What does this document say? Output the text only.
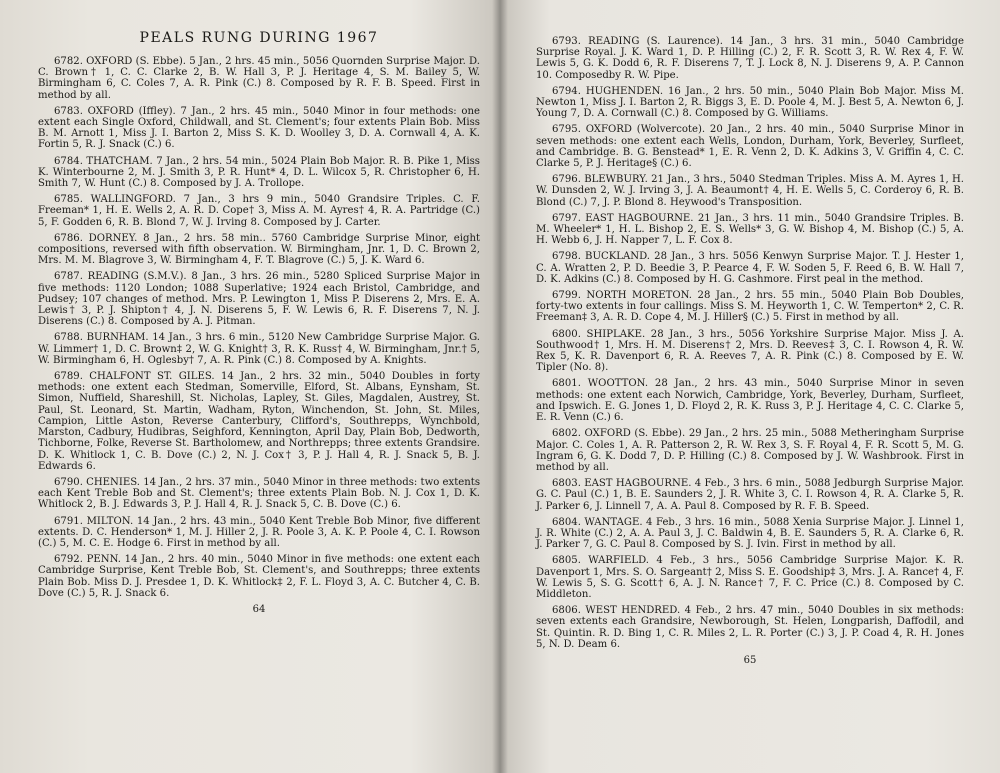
PEALS RUNG DURING 1967

6782. OXFORD (S. Ebbe). 5 Jan., 2 hrs. 45 min., 5056 Quornden Surprise Major. D. C. Brown† 1, C. C. Clarke 2, B. W. Hall 3, P. J. Heritage 4, S. M. Bailey 5, W. Birmingham 6, C. Coles 7, A. R. Pink (C.) 8. Composed by R. F. B. Speed. First in method by all.

6783. OXFORD (Iffley). 7 Jan., 2 hrs. 45 min., 5040 Minor in four methods: one extent each Single Oxford, Childwall, and St. Clement's; four extents Plain Bob. Miss B. M. Arnott 1, Miss J. I. Barton 2, Miss S. K. D. Woolley 3, D. A. Cornwall 4, A. K. Fortin 5, R. J. Snack (C.) 6.

6784. THATCHAM. 7 Jan., 2 hrs. 54 min., 5024 Plain Bob Major. R. B. Pike 1, Miss K. Winterbourne 2, M. J. Smith 3, P. R. Hunt* 4, D. L. Wilcox 5, R. Christopher 6, H. Smith 7, W. Hunt (C.) 8. Composed by J. A. Trollope.

6785. WALLINGFORD. 7 Jan., 3 hrs 9 min., 5040 Grandsire Triples. C. F. Freeman* 1, H. E. Wells 2, A. R. D. Cope† 3, Miss A. M. Ayres† 4, R. A. Partridge (C.) 5, F. Godden 6, R. B. Blond 7, W. J. Irving 8. Composed by J. Carter.

6786. DORNEY. 8 Jan., 2 hrs. 58 min.. 5760 Cambridge Surprise Minor, eight compositions, reversed with fifth observation. W. Birmingham, Jnr. 1, D. C. Brown 2, Mrs. M. M. Blagrove 3, W. Birmingham 4, F. T. Blagrove (C.) 5, J. K. Ward 6.

6787. READING (S.M.V.). 8 Jan., 3 hrs. 26 min., 5280 Spliced Surprise Major in five methods: 1120 London; 1088 Superlative; 1924 each Bristol, Cambridge, and Pudsey; 107 changes of method. Mrs. P. Lewington 1, Miss P. Diserens 2, Mrs. E. A. Lewis† 3, P. J. Shipton† 4, J. N. Diserens 5, F. W. Lewis 6, R. F. Diserens 7, N. J. Diserens (C.) 8. Composed by A. J. Pitman.

6788. BURNHAM. 14 Jan., 3 hrs. 6 min., 5120 New Cambridge Surprise Major. G. W. Limmer† 1, D. C. Brown‡ 2, W. G. Knight† 3, R. K. Russ† 4, W. Birmingham, Jnr.† 5, W. Birmingham 6, H. Oglesby† 7, A. R. Pink (C.) 8. Composed by A. Knights.

6789. CHALFONT ST. GILES. 14 Jan., 2 hrs. 32 min., 5040 Doubles in forty methods: one extent each Stedman, Somerville, Elford, St. Albans, Eynsham, St. Simon, Nuffield, Shareshill, St. Nicholas, Lapley, St. Giles, Magdalen, Austrey, St. Paul, St. Leonard, St. Martin, Wadham, Ryton, Winchendon, St. John, St. Miles, Campion, Little Aston, Reverse Canterbury, Clifford's, Southrepps, Wynchbold, Marston, Cadbury, Hudibras, Seighford, Kennington, April Day, Plain Bob, Dedworth, Tichborne, Folke, Reverse St. Bartholomew, and Northrepps; three extents Grandsire. D. K. Whitlock 1, C. B. Dove (C.) 2, N. J. Cox† 3, P. J. Hall 4, R. J. Snack 5, B. J. Edwards 6.

6790. CHENIES. 14 Jan., 2 hrs. 37 min., 5040 Minor in three methods: two extents each Kent Treble Bob and St. Clement's; three extents Plain Bob. N. J. Cox 1, D. K. Whitlock 2, B. J. Edwards 3, P. J. Hall 4, R. J. Snack 5, C. B. Dove (C.) 6.

6791. MILTON. 14 Jan., 2 hrs. 43 min., 5040 Kent Treble Bob Minor, five different extents. D. C. Henderson* 1, M. J. Hiller 2, J. R. Poole 3, A. K. P. Poole 4, C. I. Rowson (C.) 5, M. C. E. Hodge 6. First in method by all.

6792. PENN. 14 Jan., 2 hrs. 40 min., 5040 Minor in five methods: one extent each Cambridge Surprise, Kent Treble Bob, St. Clement's, and Southrepps; three extents Plain Bob. Miss D. J. Presdee 1, D. K. Whitlock‡ 2, F. L. Floyd 3, A. C. Butcher 4, C. B. Dove (C.) 5, R. J. Snack 6.

64

6793. READING (S. Laurence). 14 Jan., 3 hrs. 31 min., 5040 Cambridge Surprise Royal. J. K. Ward 1, D. P. Hilling (C.) 2, F. R. Scott 3, R. W. Rex 4, F. W. Lewis 5, G. K. Dodd 6, R. F. Diserens 7, T. J. Lock 8, N. J. Diserens 9, A. P. Cannon 10. Composedby R. W. Pipe.

6794. HUGHENDEN. 16 Jan., 2 hrs. 50 min., 5040 Plain Bob Major. Miss M. Newton 1, Miss J. I. Barton 2, R. Biggs 3, E. D. Poole 4, M. J. Best 5, A. Newton 6, J. Young 7, D. A. Cornwall (C.) 8. Composed by G. Williams.

6795. OXFORD (Wolvercote). 20 Jan., 2 hrs. 40 min., 5040 Surprise Minor in seven methods: one extent each Wells, London, Durham, York, Beverley, Surfleet, and Cambridge. B. G. Benstead* 1, E. R. Venn 2, D. K. Adkins 3, V. Griffin 4, C. C. Clarke 5, P. J. Heritage§ (C.) 6.

6796. BLEWBURY. 21 Jan., 3 hrs., 5040 Stedman Triples. Miss A. M. Ayres 1, H. W. Dunsden 2, W. J. Irving 3, J. A. Beaumont† 4, H. E. Wells 5, C. Corderoy 6, R. B. Blond (C.) 7, J. P. Blond 8. Heywood's Transposition.

6797. EAST HAGBOURNE. 21 Jan., 3 hrs. 11 min., 5040 Grandsire Triples. B. M. Wheeler* 1, H. L. Bishop 2, E. S. Wells* 3, G. W. Bishop 4, M. Bishop (C.) 5, A. H. Webb 6, J. H. Napper 7, L. F. Cox 8.

6798. BUCKLAND. 28 Jan., 3 hrs. 5056 Kenwyn Surprise Major. T. J. Hester 1, C. A. Wratten 2, P. D. Beedie 3, P. Pearce 4, F. W. Soden 5, F. Reed 6, B. W. Hall 7, D. K. Adkins (C.) 8. Composed by H. G. Cashmore. First peal in the method.

6799. NORTH MORETON. 28 Jan., 2 hrs. 55 min., 5040 Plain Bob Doubles, forty-two extents in four callings. Miss S. M. Heyworth 1, C. W. Temperton* 2, C. R. Freeman‡ 3, A. R. D. Cope 4, M. J. Hiller§ (C.) 5. First in method by all.

6800. SHIPLAKE. 28 Jan., 3 hrs., 5056 Yorkshire Surprise Major. Miss J. A. Southwood† 1, Mrs. H. M. Diserens† 2, Mrs. D. Reeves‡ 3, C. I. Rowson 4, R. W. Rex 5, K. R. Davenport 6, R. A. Reeves 7, A. R. Pink (C.) 8. Composed by E. W. Tipler (No. 8).

6801. WOOTTON. 28 Jan., 2 hrs. 43 min., 5040 Surprise Minor in seven methods: one extent each Norwich, Cambridge, York, Beverley, Durham, Surfleet, and Ipswich. E. G. Jones 1, D. Floyd 2, R. K. Russ 3, P. J. Heritage 4, C. C. Clarke 5, E. R. Venn (C.) 6.

6802. OXFORD (S. Ebbe). 29 Jan., 2 hrs. 25 min., 5088 Metheringham Surprise Major. C. Coles 1, A. R. Patterson 2, R. W. Rex 3, S. F. Royal 4, F. R. Scott 5, M. G. Ingram 6, G. K. Dodd 7, D. P. Hilling (C.) 8. Composed by J. W. Washbrook. First in method by all.

6803. EAST HAGBOURNE. 4 Feb., 3 hrs. 6 min., 5088 Jedburgh Surprise Major. G. C. Paul (C.) 1, B. E. Saunders 2, J. R. White 3, C. I. Rowson 4, R. A. Clarke 5, R. J. Parker 6, J. Linnell 7, A. A. Paul 8. Composed by R. F. B. Speed.

6804. WANTAGE. 4 Feb., 3 hrs. 16 min., 5088 Xenia Surprise Major. J. Linnel 1, J. R. White (C.) 2, A. A. Paul 3, J. C. Baldwin 4, B. E. Saunders 5, R. A. Clarke 6, R. J. Parker 7, G. C. Paul 8. Composed by S. J. Ivin. First in method by all.

6805. WARFIELD. 4 Feb., 3 hrs., 5056 Cambridge Surprise Major. K. R. Davenport 1, Mrs. S. O. Sargeant† 2, Miss S. E. Goodship‡ 3, Mrs. J. A. Rance† 4, F. W. Lewis 5, S. G. Scott† 6, A. J. N. Rance† 7, F. C. Price (C.) 8. Composed by C. Middleton.

6806. WEST HENDRED. 4 Feb., 2 hrs. 47 min., 5040 Doubles in six methods: seven extents each Grandsire, Newborough, St. Helen, Longparish, Daffodil, and St. Quintin. R. D. Bing 1, C. R. Miles 2, L. R. Porter (C.) 3, J. P. Coad 4, R. H. Jones 5, N. D. Deam 6.

65
